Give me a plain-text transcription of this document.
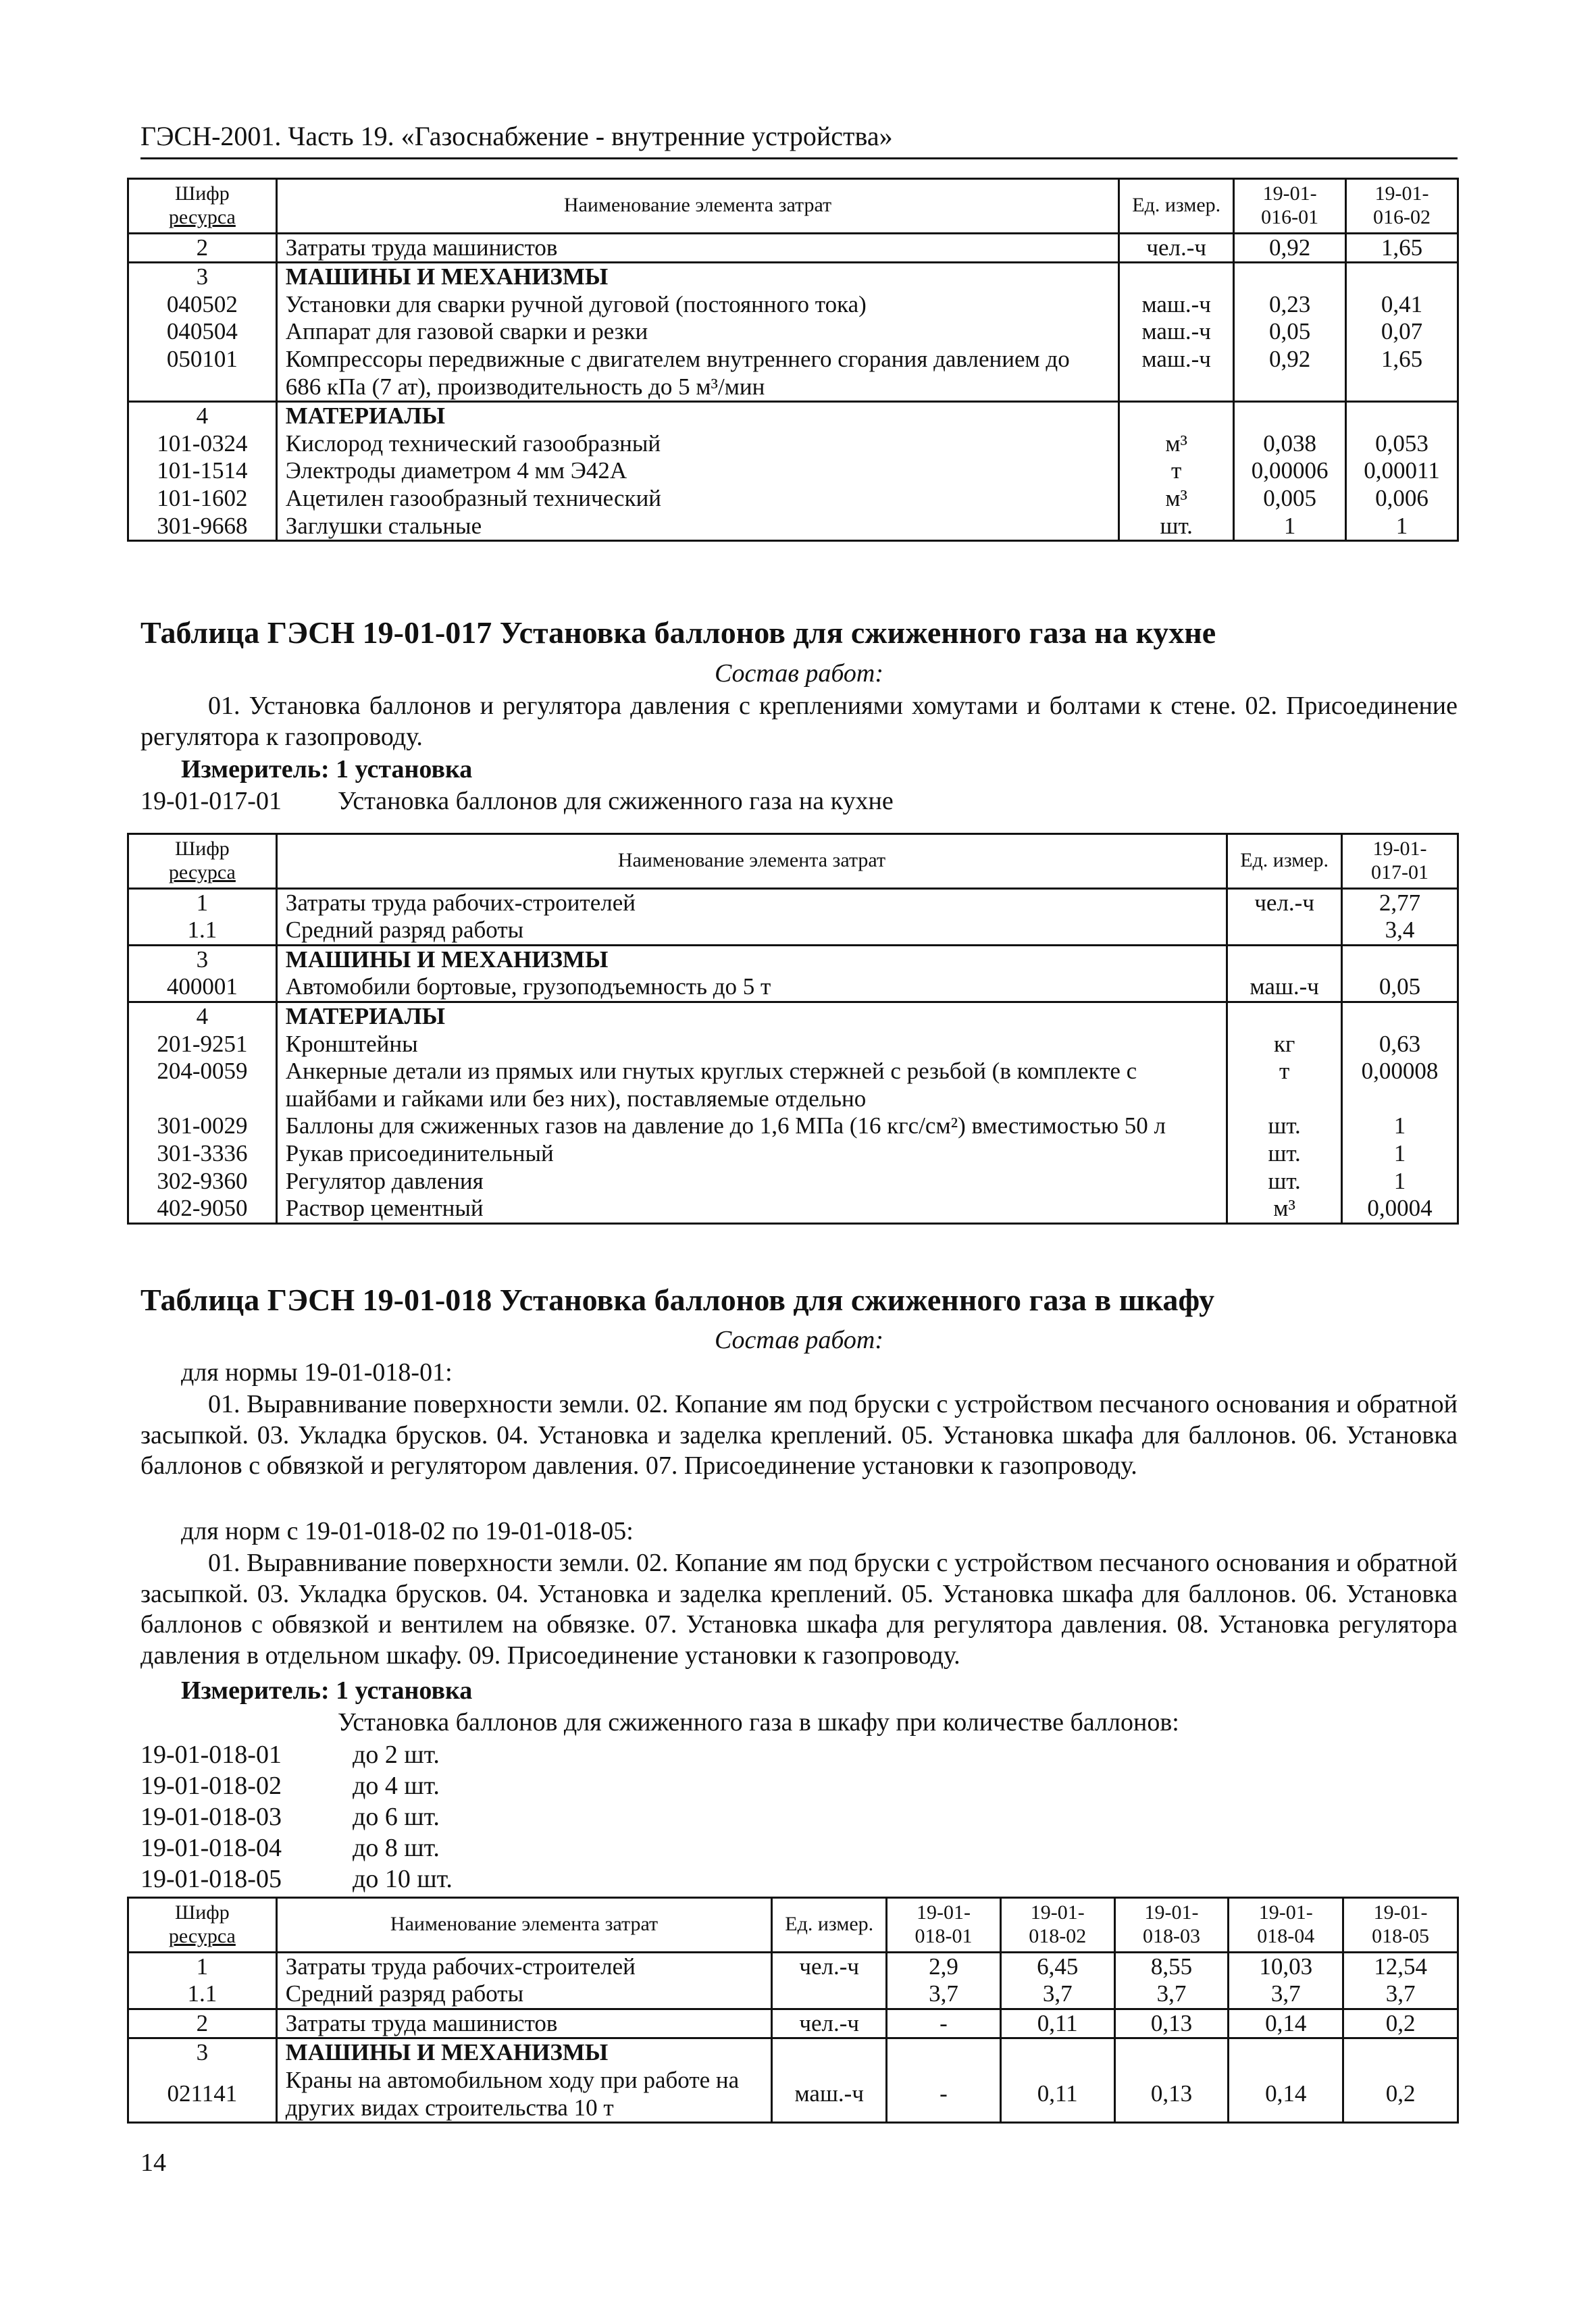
ГЭСН-2001. Часть 19. «Газоснабжение - внутренние устройства»
Шифр
ресурса	Наименование элемента затрат	Ед. измер.	19-01-
016-01	19-01-
016-02

2	Затраты труда машинистов	чел.-ч	0,92	1,65
3	МАШИНЫ И МЕХАНИЗМЫ			
040502	Установки для сварки ручной дуговой (постоянного тока)	маш.-ч	0,23	0,41
040504	Аппарат для газовой сварки и резки	маш.-ч	0,05	0,07
050101	Компрессоры передвижные с двигателем внутреннего сгорания давлением до 686 кПа (7 ат), производительность до 5 м³/мин	маш.-ч	0,92	1,65
4	МАТЕРИАЛЫ			
101-0324	Кислород технический газообразный	м³	0,038	0,053
101-1514	Электроды диаметром 4 мм Э42А	т	0,00006	0,00011
101-1602	Ацетилен газообразный технический	м³	0,005	0,006
301-9668	Заглушки стальные	шт.	1	1
Таблица ГЭСН 19-01-017 Установка баллонов для сжиженного газа на кухне
Состав работ:
01. Установка баллонов и регулятора давления с креплениями хомутами и болтами к стене. 02. Присоединение регулятора к газопроводу.
Измеритель: 1 установка
19-01-017-01 Установка баллонов для сжиженного газа на кухне
Шифр
ресурса	Наименование элемента затрат	Ед. измер.	19-01-
017-01

1	Затраты труда рабочих-строителей	чел.-ч	2,77
1.1	Средний разряд работы		3,4
3	МАШИНЫ И МЕХАНИЗМЫ		
400001	Автомобили бортовые, грузоподъемность до 5 т	маш.-ч	0,05
4	МАТЕРИАЛЫ		
201-9251	Кронштейны	кг	0,63
204-0059	Анкерные детали из прямых или гнутых круглых стержней с резьбой (в комплекте с шайбами и гайками или без них), поставляемые отдельно	т	0,00008
301-0029	Баллоны для сжиженных газов на давление до 1,6 МПа (16 кгс/см²) вместимостью 50 л	шт.	1
301-3336	Рукав присоединительный	шт.	1
302-9360	Регулятор давления	шт.	1
402-9050	Раствор цементный	м³	0,0004
Таблица ГЭСН 19-01-018 Установка баллонов для сжиженного газа в шкафу
Состав работ:
для нормы 19-01-018-01:
01. Выравнивание поверхности земли. 02. Копание ям под бруски с устройством песчаного основания и обратной засыпкой. 03. Укладка брусков. 04. Установка и заделка креплений. 05. Установка шкафа для баллонов. 06. Установка баллонов с обвязкой и регулятором давления. 07. Присоединение установки к газопроводу.
для норм с 19-01-018-02 по 19-01-018-05:
01. Выравнивание поверхности земли. 02. Копание ям под бруски с устройством песчаного основания и обратной засыпкой. 03. Укладка брусков. 04. Установка и заделка креплений. 05. Установка шкафа для баллонов. 06. Установка баллонов с обвязкой и вентилем на обвязке. 07. Установка шкафа для регулятора давления. 08. Установка регулятора давления в отдельном шкафу. 09. Присоединение установки к газопроводу.
Измеритель: 1 установка
Установка баллонов для сжиженного газа в шкафу при количестве баллонов:
19-01-018-01	до 2 шт.
19-01-018-02	до 4 шт.
19-01-018-03	до 6 шт.
19-01-018-04	до 8 шт.
19-01-018-05	до 10 шт.
Шифр
ресурса	Наименование элемента затрат	Ед. измер.	19-01-
018-01	19-01-
018-02	19-01-
018-03	19-01-
018-04	19-01-
018-05

1	Затраты труда рабочих-строителей	чел.-ч	2,9	6,45	8,55	10,03	12,54
1.1	Средний разряд работы		3,7	3,7	3,7	3,7	3,7
2	Затраты труда машинистов	чел.-ч	-	0,11	0,13	0,14	0,2
3	МАШИНЫ И МЕХАНИЗМЫ						
021141	Краны на автомобильном ходу при работе на других видах строительства 10 т	маш.-ч	-	0,11	0,13	0,14	0,2
14
